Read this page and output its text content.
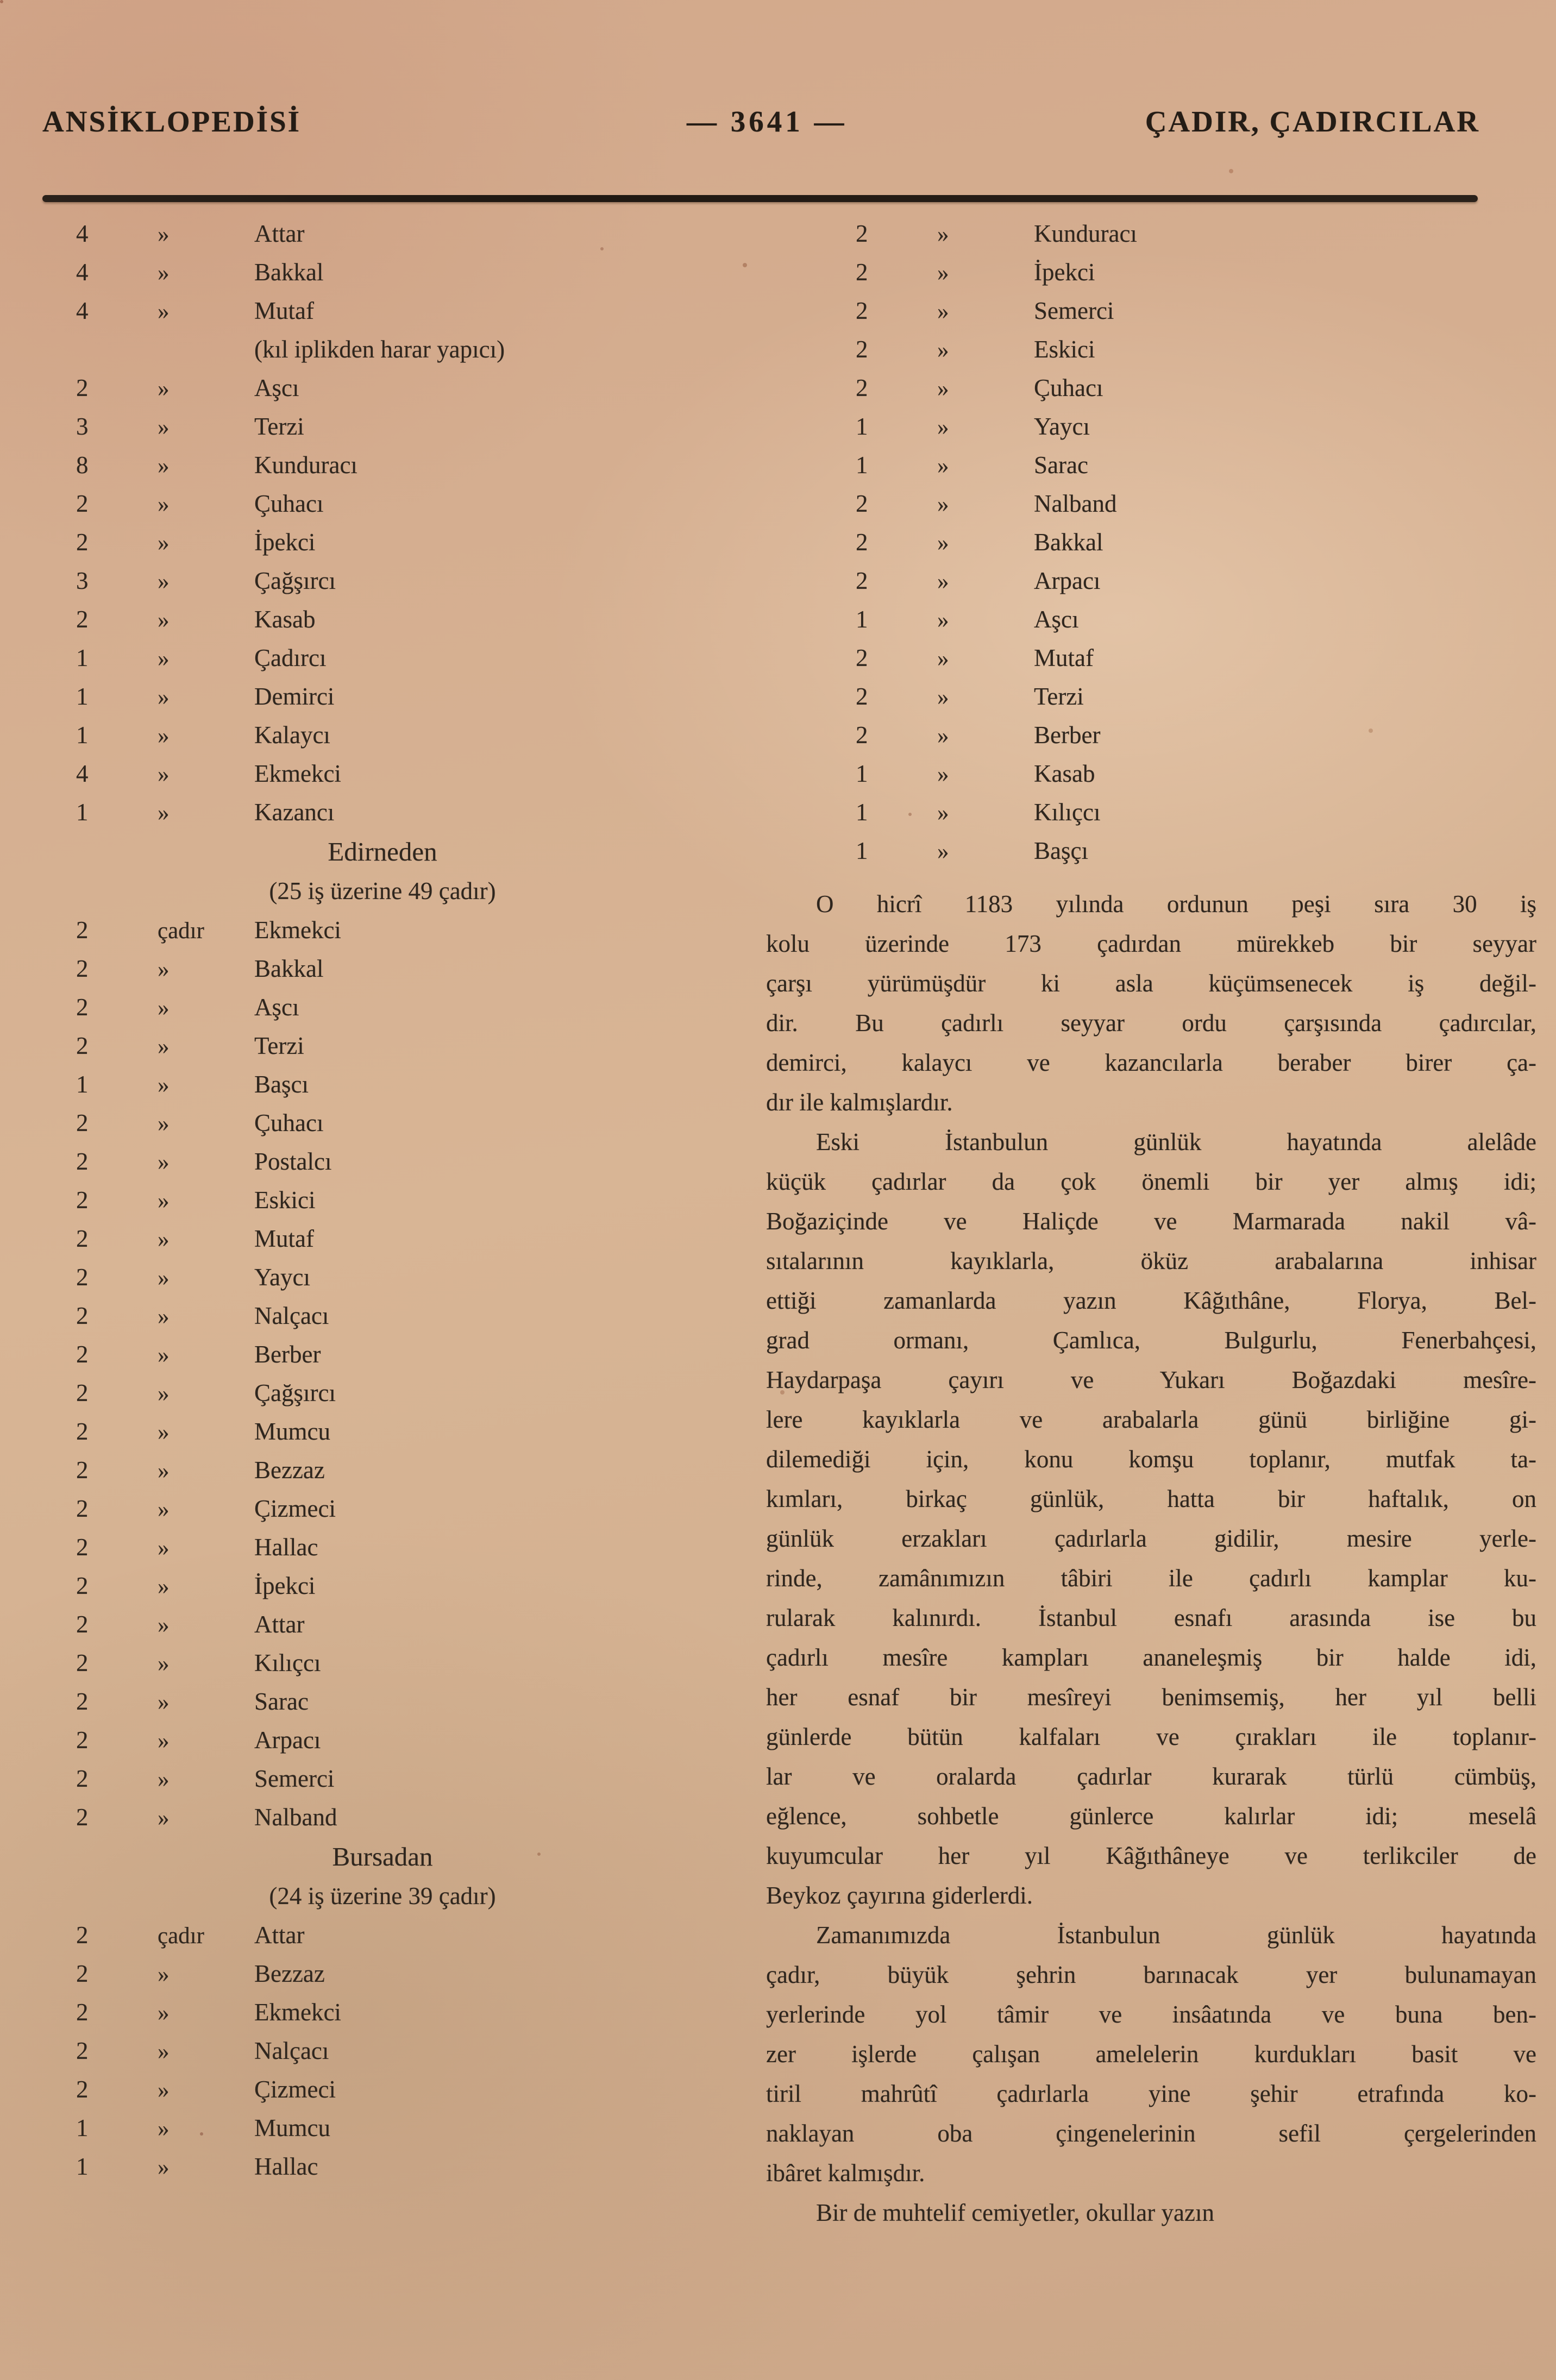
ANSİKLOPEDİSİ	— 3641 —	ÇADIR, ÇADIRCILAR
4	»	Attar
4	»	Bakkal
4	»	Mutaf
(kıl iplikden harar yapıcı)
2	»	Aşcı
3	»	Terzi
8	»	Kunduracı
2	»	Çuhacı
2	»	İpekci
3	»	Çağşırcı
2	»	Kasab
1	»	Çadırcı
1	»	Demirci
1	»	Kalaycı
4	»	Ekmekci
1	»	Kazancı
Edirneden
(25 iş üzerine 49 çadır)
2	çadır Ekmekci
2	»	Bakkal
2	»	Aşcı
2	»	Terzi
1	»	Başcı
2	»	Çuhacı
2	»	Postalcı
2	»	Eskici
2	»	Mutaf
2	»	Yaycı
2	»	Nalçacı
2	»	Berber
2	»	Çağşırcı
2	»	Mumcu
2	»	Bezzaz
2	»	Çizmeci
2	»	Hallac
2	»	İpekci
2	»	Attar
2	»	Kılıçcı
2	»	Sarac
2	»	Arpacı
2	»	Semerci
2	»	Nalband
Bursadan
(24 iş üzerine 39 çadır)
2	çadır Attar
2	»	Bezzaz
2	»	Ekmekci
2	»	Nalçacı
2	»	Çizmeci
1	»	Mumcu
1	»	Hallac
2	»	Kunduracı
2	»	İpekci
2	»	Semerci
2	»	Eskici
2	»	Çuhacı
1	»	Yaycı
1	»	Sarac
2	»	Nalband
2	»	Bakkal
2	»	Arpacı
1	»	Aşcı
2	»	Mutaf
2	»	Terzi
2	»	Berber
1	»	Kasab
1	»	Kılıçcı
1	»	Başçı
O hicrî 1183 yılında ordunun peşi sıra 30 iş
kolu üzerinde 173 çadırdan mürekkeb bir seyyar
çarşı yürümüşdür ki asla küçümsenecek iş değil-
dir. Bu çadırlı seyyar ordu çarşısında çadırcılar,
demirci, kalaycı ve kazancılarla beraber birer ça-
dır ile kalmışlardır.
Eski İstanbulun günlük hayatında alelâde
küçük çadırlar da çok önemli bir yer almış idi;
Boğaziçinde ve Haliçde ve Marmarada nakil vâ-
sıtalarının kayıklarla, öküz arabalarına inhisar
ettiği zamanlarda yazın Kâğıthâne, Florya, Bel-
grad ormanı, Çamlıca, Bulgurlu, Fenerbahçesi,
Haydarpaşa çayırı ve Yukarı Boğazdaki mesîre-
lere kayıklarla ve arabalarla günü birliğine gi-
dilemediği için, konu komşu toplanır, mutfak ta-
kımları, birkaç günlük, hatta bir haftalık, on
günlük erzakları çadırlarla gidilir, mesire yerle-
rinde, zamânımızın tâbiri ile çadırlı kamplar ku-
rularak kalınırdı. İstanbul esnafı arasında ise bu
çadırlı mesîre kampları ananeleşmiş bir halde idi,
her esnaf bir mesîreyi benimsemiş, her yıl belli
günlerde bütün kalfaları ve çırakları ile toplanır-
lar ve oralarda çadırlar kurarak türlü cümbüş,
eğlence, sohbetle günlerce kalırlar idi; meselâ
kuyumcular her yıl Kâğıthâneye ve terlikciler de
Beykoz çayırına giderlerdi.
Zamanımızda İstanbulun günlük hayatında
çadır, büyük şehrin barınacak yer bulunamayan
yerlerinde yol tâmir ve insâatında ve buna ben-
zer işlerde çalışan amelelerin kurdukları basit ve
tiril mahrûtî çadırlarla yine şehir etrafında ko-
naklayan oba çingenelerinin sefil çergelerinden
ibâret kalmışdır.
Bir de muhtelif cemiyetler, okullar yazın
